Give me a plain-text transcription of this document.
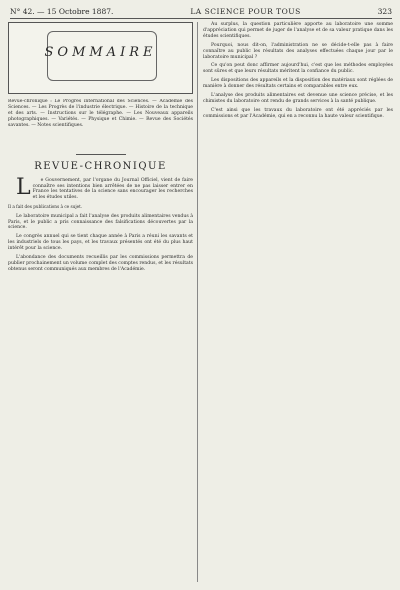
N° 42. — 15 Octobre 1887.	LA SCIENCE POUR TOUS	323
SOMMAIRE
Revue-chronique : Le Progrès international des Sciences. — Académie des Sciences. — Les Progrès de l'industrie électrique. — Histoire de la technique et des arts. — Instructions sur le télégraphe. — Les Nouveaux appareils photographiques. — Variétés. — Physique et Chimie. — Revue des Sociétés savantes. — Notes scientifiques.
REVUE-CHRONIQUE

L e Gouvernement, par l'organe du Journal Officiel, vient de faire connaître ses intentions bien arrêtées de ne pas laisser entrer en France les tentatives de la science sans encourager les recherches et les études utiles.

Il a fait des publications à ce sujet.

Le laboratoire municipal a fait l'analyse des produits alimentaires vendus à Paris, et le public a pris connaissance des falsifications découvertes par la science.

Le congrès annuel qui se tient chaque année à Paris a réuni les savants et les industriels de tous les pays, et les travaux présentés ont été du plus haut intérêt pour la science.

L'abondance des documents recueillis par les commissions permettra de publier prochainement un volume complet des comptes rendus, et les résultats obtenus seront communiqués aux membres de l'Académie.

Au surplus, la question particulière apporte au laboratoire une somme d'appréciation qui permet de juger de l'analyse et de sa valeur pratique dans les études scientifiques.

Pourquoi, nous dit-on, l'administration ne se décide-t-elle pas à faire connaître au public les résultats des analyses effectuées chaque jour par le laboratoire municipal ?

Ce qu'on peut donc affirmer aujourd'hui, c'est que les méthodes employées sont sûres et que leurs résultats méritent la confiance du public.

Les dispositions des appareils et la disposition des matériaux sont réglées de manière à donner des résultats certains et comparables entre eux.

L'analyse des produits alimentaires est devenue une science précise, et les chimistes du laboratoire ont rendu de grands services à la santé publique.

C'est ainsi que les travaux du laboratoire ont été appréciés par les commissions et par l'Académie, qui en a reconnu la haute valeur scientifique.
